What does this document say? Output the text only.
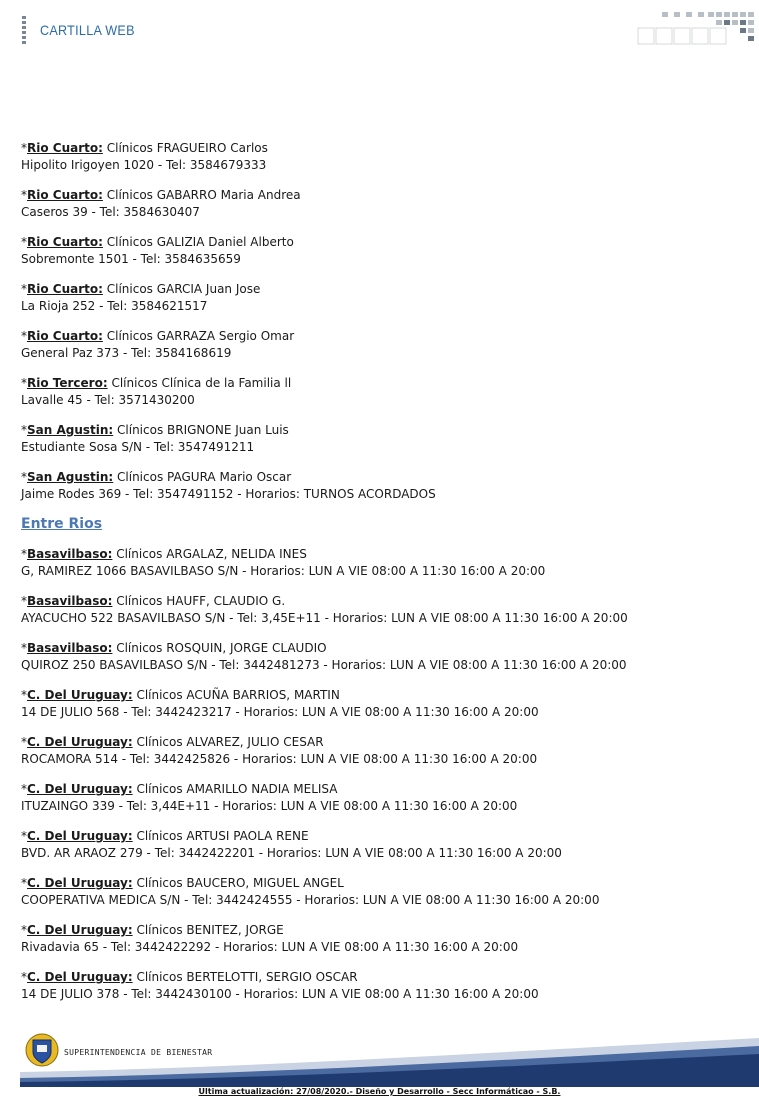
CARTILLA WEB
*Rio Cuarto: Clínicos FRAGUEIRO Carlos
Hipolito Irigoyen 1020 - Tel: 3584679333
*Rio Cuarto: Clínicos GABARRO Maria Andrea
Caseros 39 - Tel: 3584630407
*Rio Cuarto: Clínicos GALIZIA Daniel Alberto
Sobremonte 1501 - Tel: 3584635659
*Rio Cuarto: Clínicos GARCIA Juan Jose
La Rioja 252 - Tel: 3584621517
*Rio Cuarto: Clínicos GARRAZA Sergio Omar
General Paz 373 - Tel: 3584168619
*Rio Tercero: Clínicos Clínica de la Familia ll
Lavalle 45 - Tel: 3571430200
*San Agustin: Clínicos BRIGNONE Juan Luis
Estudiante Sosa S/N - Tel: 3547491211
*San Agustin: Clínicos PAGURA Mario Oscar
Jaime Rodes 369 - Tel: 3547491152 - Horarios: TURNOS ACORDADOS
Entre Rios
*Basavilbaso: Clínicos ARGALAZ, NELIDA INES
G, RAMIREZ 1066 BASAVILBASO S/N - Horarios: LUN A VIE 08:00 A 11:30 16:00 A 20:00
*Basavilbaso: Clínicos HAUFF, CLAUDIO G.
AYACUCHO 522 BASAVILBASO S/N - Tel: 3,45E+11 - Horarios: LUN A VIE 08:00 A 11:30 16:00 A 20:00
*Basavilbaso: Clínicos ROSQUIN, JORGE CLAUDIO
QUIROZ 250 BASAVILBASO S/N - Tel: 3442481273 - Horarios: LUN A VIE 08:00 A 11:30 16:00 A 20:00
*C. Del Uruguay: Clínicos ACUÑA BARRIOS, MARTIN
14 DE JULIO 568 - Tel: 3442423217 - Horarios: LUN A VIE 08:00 A 11:30 16:00 A 20:00
*C. Del Uruguay: Clínicos ALVAREZ, JULIO CESAR
ROCAMORA 514 - Tel: 3442425826 - Horarios: LUN A VIE 08:00 A 11:30 16:00 A 20:00
*C. Del Uruguay: Clínicos AMARILLO NADIA MELISA
ITUZAINGO 339 - Tel: 3,44E+11 - Horarios: LUN A VIE 08:00 A 11:30 16:00 A 20:00
*C. Del Uruguay: Clínicos ARTUSI PAOLA RENE
BVD. AR ARAOZ 279 - Tel: 3442422201 - Horarios: LUN A VIE 08:00 A 11:30 16:00 A 20:00
*C. Del Uruguay: Clínicos BAUCERO, MIGUEL ANGEL
COOPERATIVA MEDICA S/N - Tel: 3442424555 - Horarios: LUN A VIE 08:00 A 11:30 16:00 A 20:00
*C. Del Uruguay: Clínicos BENITEZ, JORGE
Rivadavia 65 - Tel: 3442422292 - Horarios: LUN A VIE 08:00 A 11:30 16:00 A 20:00
*C. Del Uruguay: Clínicos BERTELOTTI, SERGIO OSCAR
14 DE JULIO 378 - Tel: 3442430100 - Horarios: LUN A VIE 08:00 A 11:30 16:00 A 20:00
SUPERINTENDENCIA DE BIENESTAR
Ultima actualización: 27/08/2020.- Diseño y Desarrollo - Secc Informáticao - S.B.
